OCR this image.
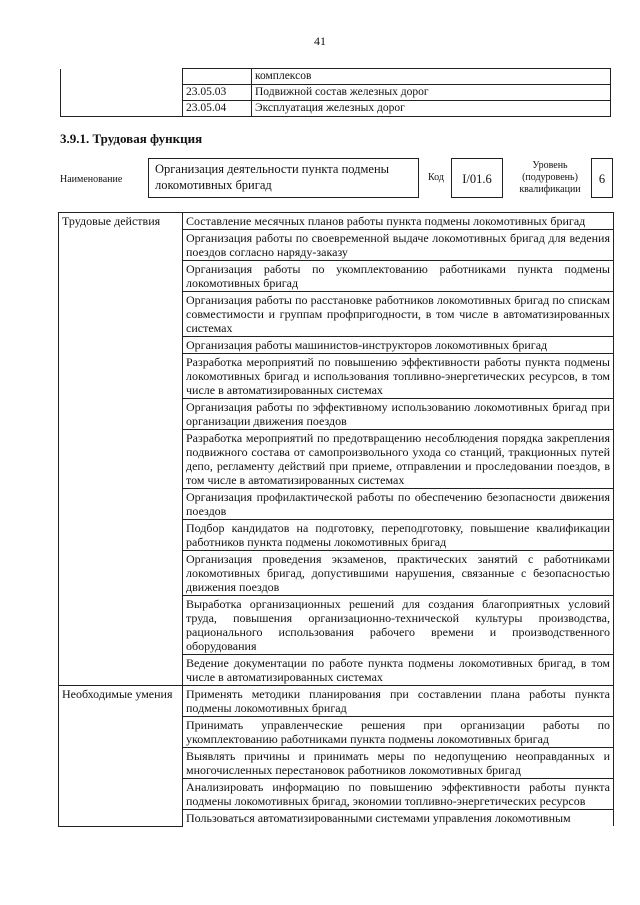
41
		комплексов
	23.05.03	Подвижной состав железных дорог
	23.05.04	Эксплуатация железных дорог
3.9.1. Трудовая функция
Наименование
Организация деятельности пункта подмены локомотивных бригад
Код	I/01.6
Уровень (подуровень) квалификации
6
Трудовые действия	Составление месячных планов работы пункта подмены локомотивных бригад
	Организация работы по своевременной выдаче локомотивных бригад для ведения поездов согласно наряду-заказу
	Организация работы по укомплектованию работниками пункта подмены локомотивных бригад
	Организация работы по расстановке работников локомотивных бригад по спискам совместимости и группам профпригодности, в том числе в автоматизированных системах
	Организация работы машинистов-инструкторов локомотивных бригад
	Разработка мероприятий по повышению эффективности работы пункта подмены локомотивных бригад и использования топливно-энергетических ресурсов, в том числе в автоматизированных системах
	Организация работы по эффективному использованию локомотивных бригад при организации движения поездов
	Разработка мероприятий по предотвращению несоблюдения порядка закрепления подвижного состава от самопроизвольного ухода со станций, тракционных путей депо, регламенту действий при приеме, отправлении и проследовании поездов, в том числе в автоматизированных системах
	Организация профилактической работы по обеспечению безопасности движения поездов
	Подбор кандидатов на подготовку, переподготовку, повышение квалификации работников пункта подмены локомотивных бригад
	Организация проведения экзаменов, практических занятий с работниками локомотивных бригад, допустившими нарушения, связанные с безопасностью движения поездов
	Выработка организационных решений для создания благоприятных условий труда, повышения организационно-технической культуры производства, рационального использования рабочего времени и производственного оборудования
	Ведение документации по работе пункта подмены локомотивных бригад, в том числе в автоматизированных системах
Необходимые умения	Применять методики планирования при составлении плана работы пункта подмены локомотивных бригад
	Принимать управленческие решения при организации работы по укомплектованию работниками пункта подмены локомотивных бригад
	Выявлять причины и принимать меры по недопущению неоправданных и многочисленных перестановок работников локомотивных бригад
	Анализировать информацию по повышению эффективности работы пункта подмены локомотивных бригад, экономии топливно-энергетических ресурсов
	Пользоваться автоматизированными системами управления локомотивным
